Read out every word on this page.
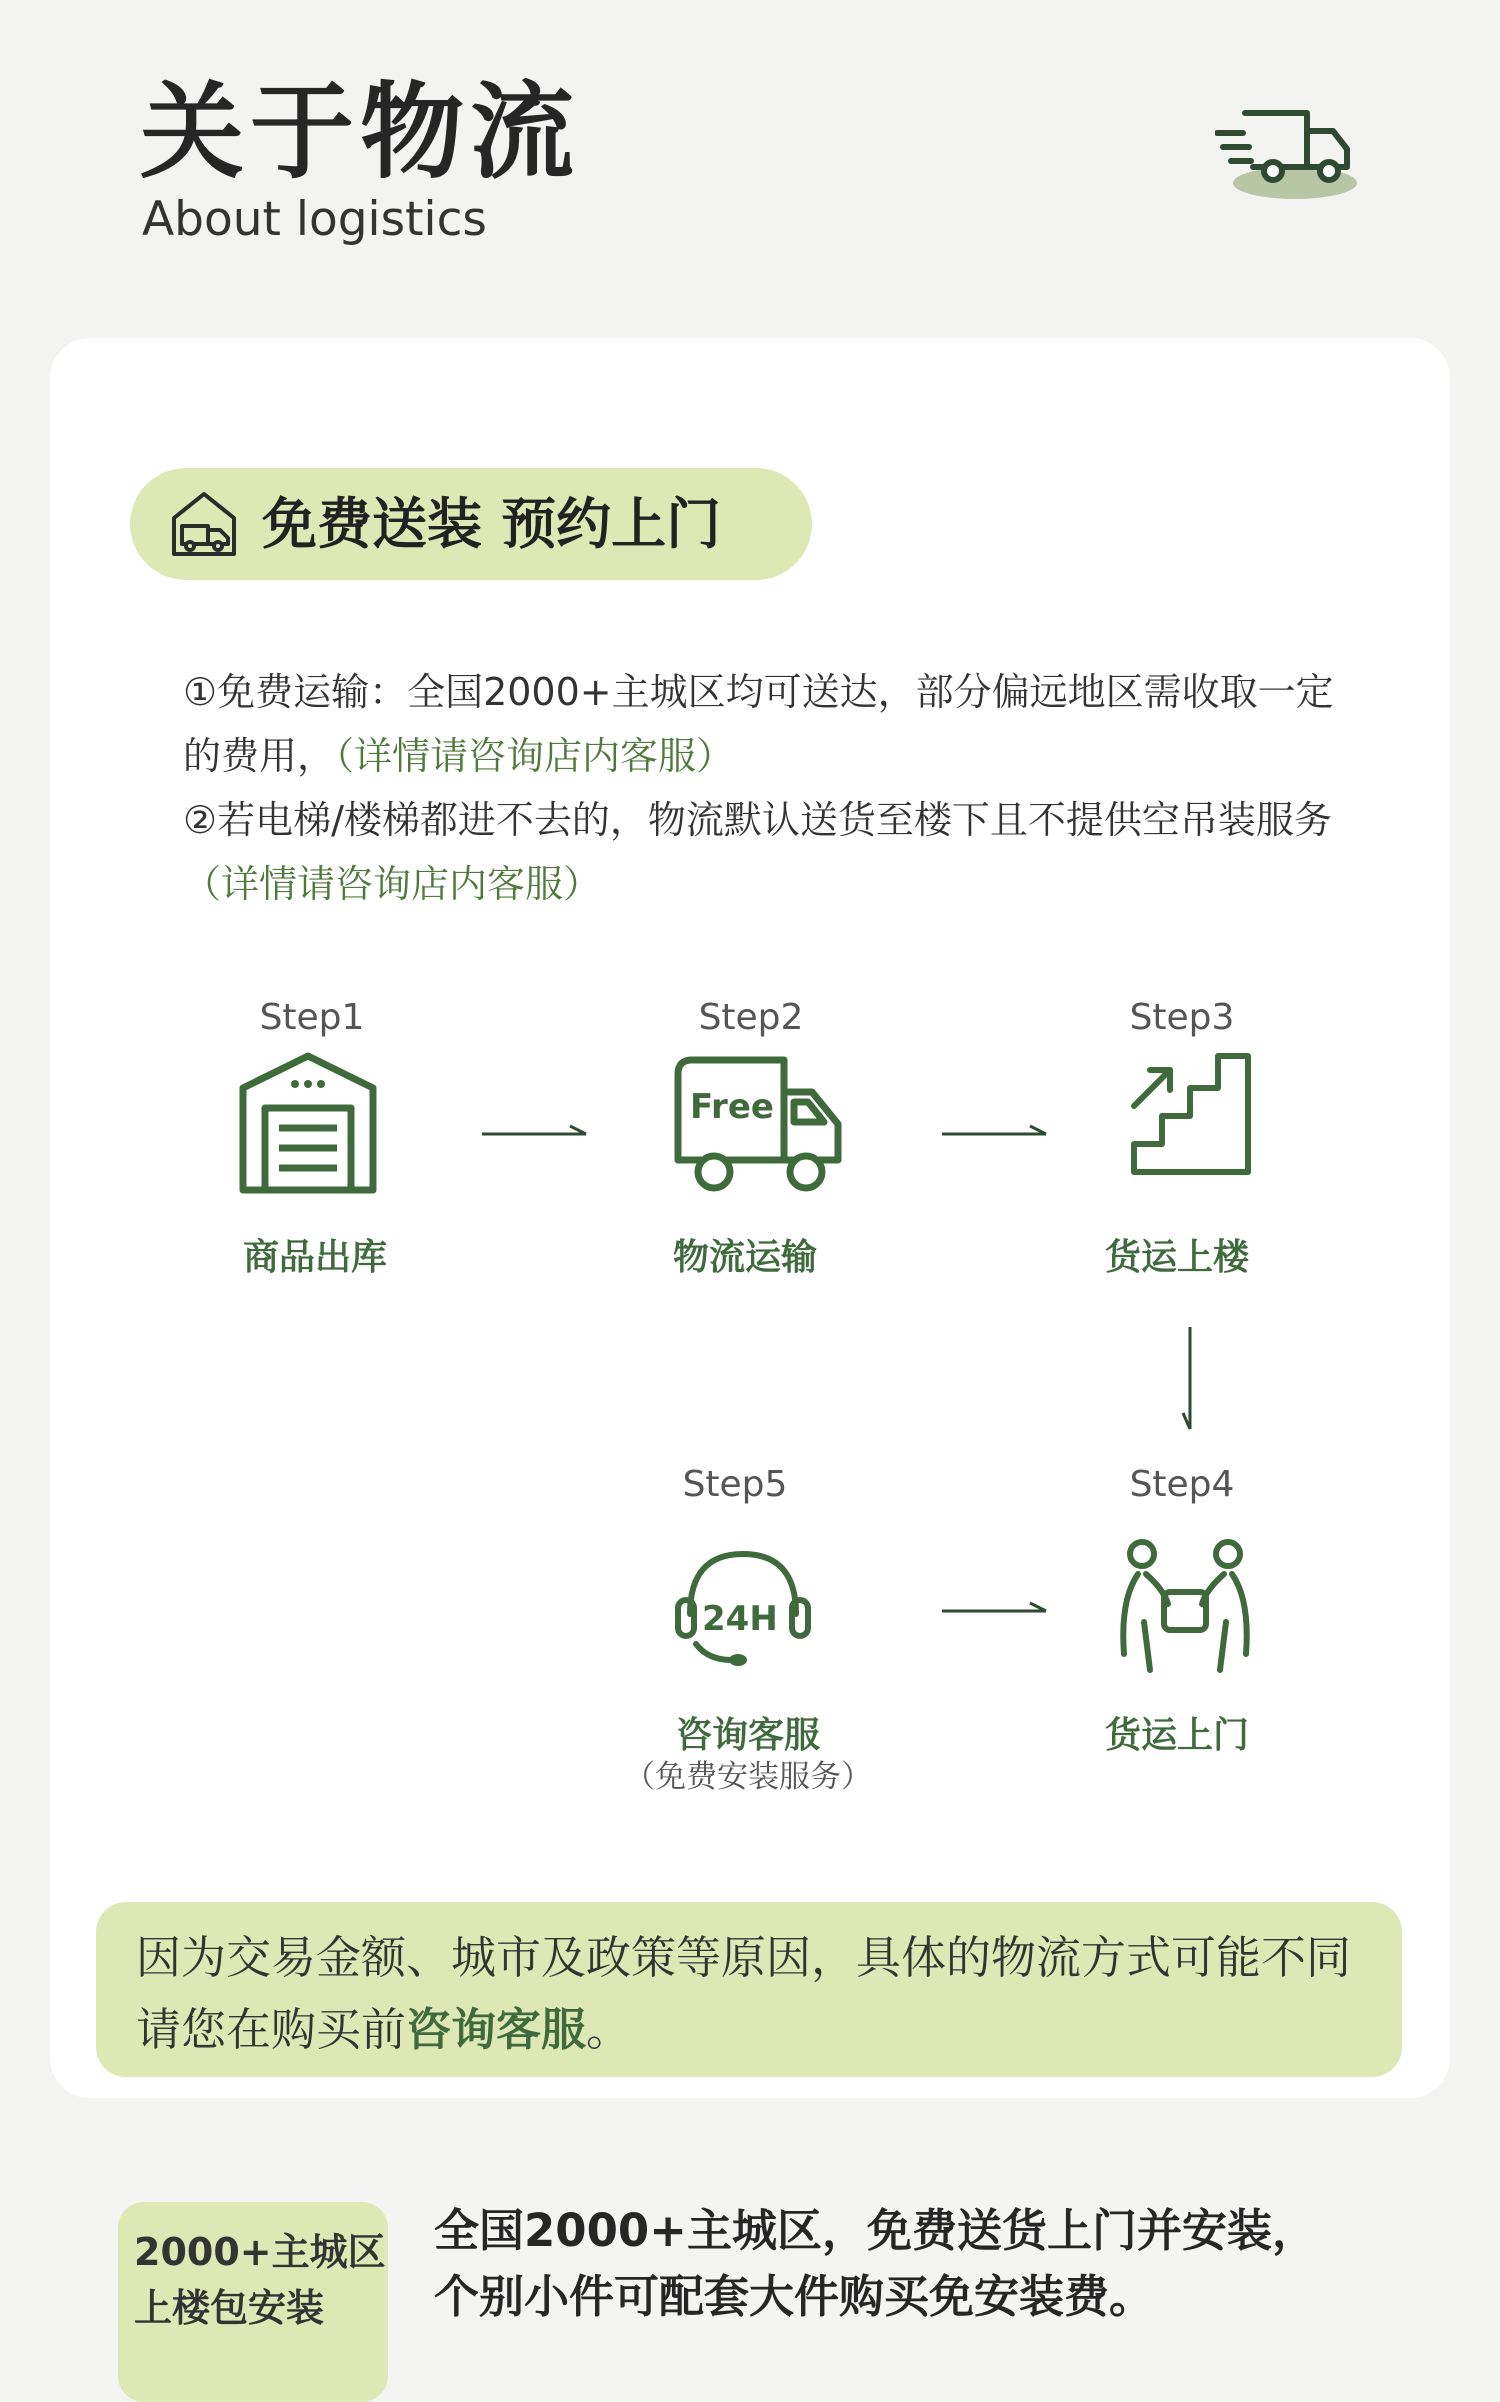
关于物流
About logistics
免费送装 预约上门

①免费运输：全国2000+主城区均可送达，部分偏远地区需收取一定的费用，（详情请咨询店内客服）

②若电梯/楼梯都进不去的，物流默认送货至楼下且不提供空吊装服务（详情请咨询店内客服）

Step1
商品出库
Step2
Free
物流运输
Step3
货运上楼
Step5
24H
咨询客服
（免费安装服务）
Step4
货运上门
因为交易金额、城市及政策等原因，具体的物流方式可能不同请您在购买前咨询客服。
2000+主城区
上楼包安装
全国2000+主城区，免费送货上门并安装，
个别小件可配套大件购买免安装费。
